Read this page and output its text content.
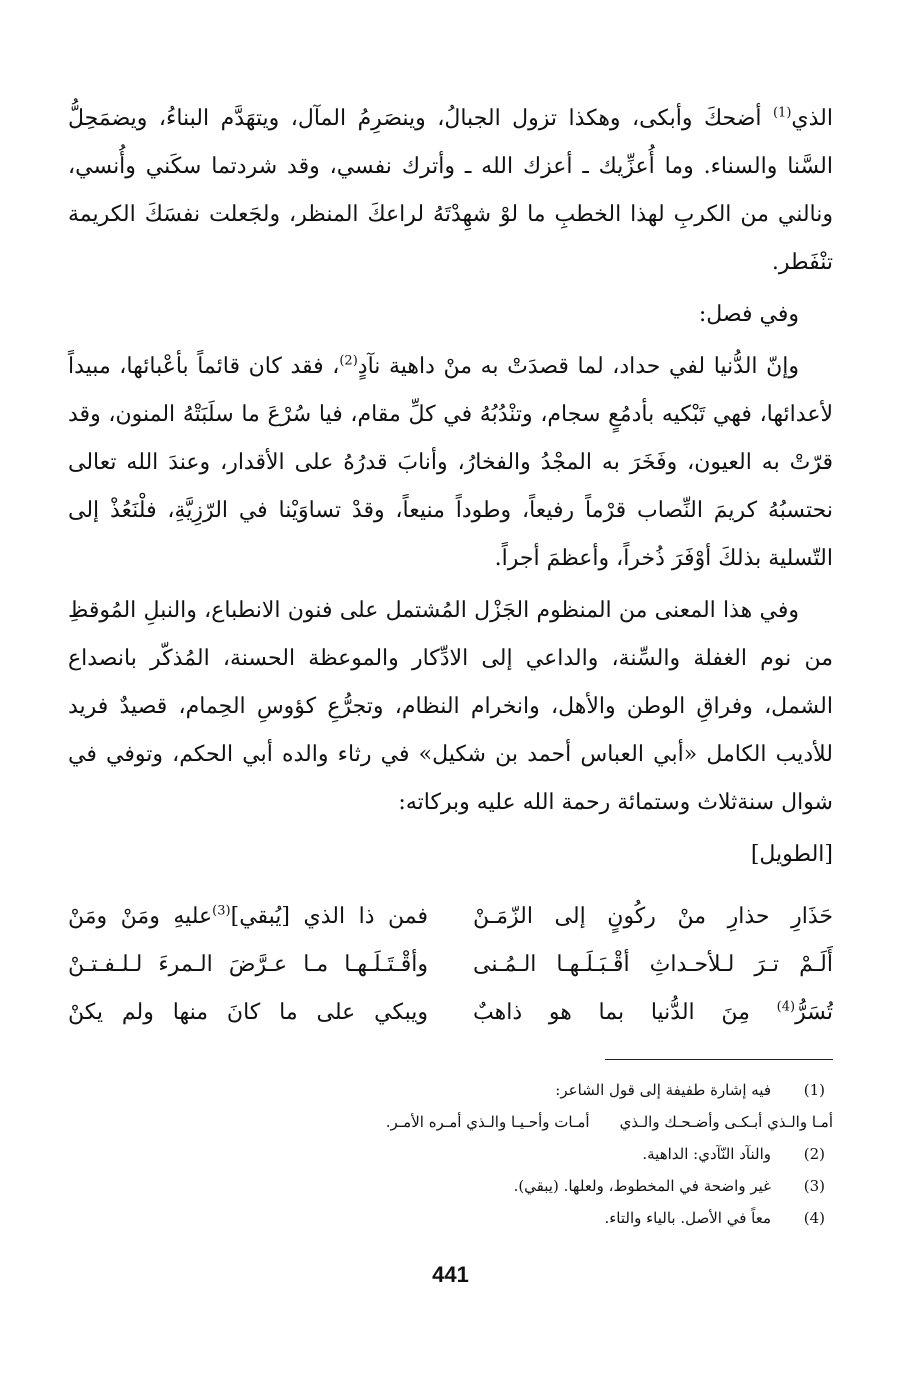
الذي$^{(1)}$ أضحكَ وأبكى، وهكذا تزول الجبالُ، وينصَرِمُ المآل، ويتهَدَّم البناءُ، ويضمَحِلُّ السَّنا والسناء. وما أُعزِّيك ـ أعزك الله ـ وأترك نفسي، وقد شردتما سكَني وأُنسي، ونالني من الكربِ لهذا الخطبِ ما لوْ شهِدْتَهُ لراعكَ المنظر، ولجَعلت نفسَكَ الكريمة تنْفَطر.

وفي فصل:

وإنّ الدُّنيا لفي حداد، لما قصدَتْ به منْ داهية نآدٍ$^{(2)}$، فقد كان قائماً بأعْبائها، مبيداً لأعدائها، فهي تَبْكيه بأدمُعٍ سجام، وتنْدُبُهُ في كلِّ مقام، فيا سُرْعَ ما سلَبَتْهُ المنون، وقد قرّتْ به العيون، وفَخَرَ به المجْدُ والفخارُ، وأنابَ قدرُهُ على الأقدار، وعندَ الله تعالى نحتسبُهُ كريمَ النِّصاب قرْماً رفيعاً، وطوداً منيعاً، وقدْ تساوَيْنا في الرّزِيَّةِ، فلْنَعُذْ إلى التّسلية بذلكَ أوْفَرَ ذُخراً، وأعظمَ أجراً.

وفي هذا المعنى من المنظوم الجَزْل المُشتمل على فنون الانطباع، والنبلِ المُوقظِ من نوم الغفلة والسِّنة، والداعي إلى الادِّكار والموعظة الحسنة، المُذكّر بانصداع الشمل، وفراقِ الوطن والأهل، وانخرام النظام، وتجرُّعِ كؤوسِ الحِمام، قصيدٌ فريد للأديب الكامل «أبي العباس أحمد بن شكيل» في رثاء والده أبي الحكم، وتوفي في شوال سنةثلاث وستمائة رحمة الله عليه وبركاته:

[الطويل]

حَذَارِ حذارِ منْ ركُونٍ إلى الزّمَـنْ
فمن ذا الذي [يُبقي]$^{(3)}$عليهِ ومَنْ ومَنْ
أَلَـمْ تـرَ لـلأحـداثِ أقْـبَـلَـهـا الـمُـنى
وأقْـتَـلَـهـا مـا عـرَّضَ الـمرءَ لـلـفـتـنْ
تُسَرُّ$^{(4)}$ مِنَ الدُّنيا بما هو ذاهبٌ
ويبكي على ما كانَ منها ولم يكنْ
(1)
فيه إشارة طفيفة إلى قول الشاعر:
أمـا والـذي أبـكـى وأضـحـك والـذي
أمـات وأحـيـا والـذي أمـره الأمـر.
(2)
والنآد النّآدي: الداهية.
(3)
غير واضحة في المخطوط، ولعلها. (يبقي).
(4)
معاً في الأصل. بالياء والتاء.
441
